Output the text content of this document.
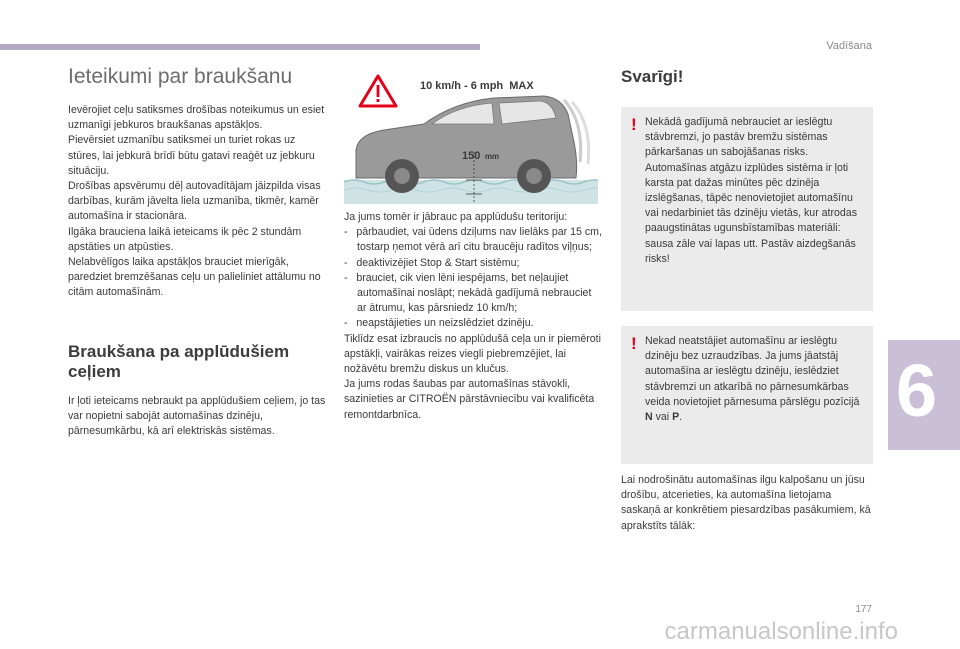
Vadīšana
Ieteikumi par braukšanu

Ievērojiet ceļu satiksmes drošības noteikumus un esiet uzmanīgi jebkuros braukšanas apstākļos.
Pievērsiet uzmanību satiksmei un turiet rokas uz stūres, lai jebkurā brīdī būtu gatavi reaģēt uz jebkuru situāciju.
Drošības apsvērumu dēļ autovadītājam jāizpilda visas darbības, kurām jāvelta liela uzmanība, tikmēr, kamēr automašīna ir stacionāra.
Ilgāka brauciena laikā ieteicams ik pēc 2 stundām apstāties un atpūsties.
Nelabvēlīgos laika apstākļos brauciet mierīgāk, paredziet bremzēšanas ceļu un palieliniet attālumu no citām automašīnām.

Braukšana pa applūdušiem ceļiem

Ir ļoti ieteicams nebraukt pa applūdušiem ceļiem, jo tas var nopietni sabojāt automašīnas dzinēju, pārnesumkārbu, kā arī elektriskās sistēmas.

10 km/h - 6 mph  MAX
150 mm

Ja jums tomēr ir jābrauc pa applūdušu teritoriju:

-   pārbaudiet, vai ūdens dziļums nav lielāks par 15 cm, tostarp ņemot vērā arī citu braucēju radītos viļņus;
-   deaktivizējiet Stop & Start sistēmu;
-   brauciet, cik vien lēni iespējams, bet neļaujiet automašīnai noslāpt; nekādā gadījumā nebrauciet ar ātrumu, kas pārsniedz 10 km/h;
-   neapstājieties un neizslēdziet dzinēju.

Tiklīdz esat izbraucis no applūdušā ceļa un ir piemēroti apstākļi, vairākas reizes viegli piebremzējiet, lai nožāvētu bremžu diskus un klučus.
Ja jums rodas šaubas par automašīnas stāvokli, sazinieties ar CITROËN pārstāvniecību vai kvalificēta remontdarbnīca.

Svarīgi!
! Nekādā gadījumā nebrauciet ar ieslēgtu stāvbremzi, jo pastāv bremžu sistēmas pārkaršanas un sabojāšanas risks. Automašīnas atgāzu izplūdes sistēma ir ļoti karsta pat dažas minūtes pēc dzinēja izslēgšanas, tāpēc nenovietojiet automašīnu vai nedarbiniet tās dzinēju vietās, kur atrodas paaugstinātas ugunsbīstamības materiāli: sausa zāle vai lapas utt. Pastāv aizdegšanās risks!

! Nekad neatstājiet automašīnu ar ieslēgtu dzinēju bez uzraudzības. Ja jums jāatstāj automašīna ar ieslēgtu dzinēju, ieslēdziet stāvbremzi un atkarībā no pārnesumkārbas veida novietojiet pārnesuma pārslēgu pozīcijā N vai P.

Lai nodrošinātu automašīnas ilgu kalpošanu un jūsu drošību, atcerieties, ka automašīna lietojama saskaņā ar konkrētiem piesardzības pasākumiem, kā aprakstīts tālāk:
6
177
carmanualsonline.info
